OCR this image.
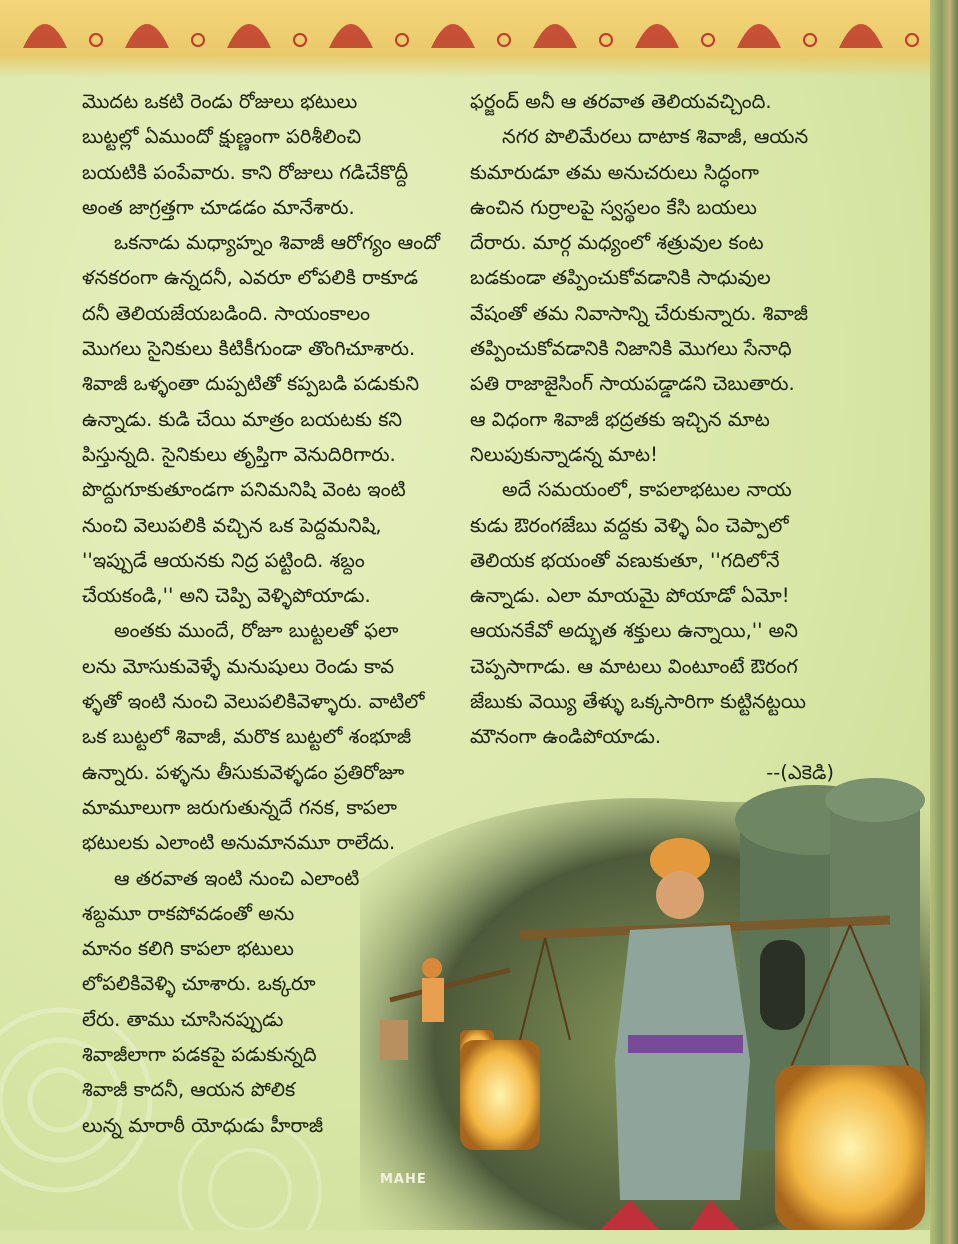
మొదట ఒకటి రెండు రోజులు భటులు
బుట్టల్లో ఏముందో క్షుణ్ణంగా పరిశీలించి
బయటికి పంపేవారు. కాని రోజులు గడిచేకొద్దీ
అంత జాగ్రత్తగా చూడడం మానేశారు.
ఒకనాడు మధ్యాహ్నం శివాజీ ఆరోగ్యం ఆందో
ళనకరంగా ఉన్నదనీ, ఎవరూ లోపలికి రాకూడ
దనీ తెలియజేయబడింది. సాయంకాలం
మొగలు సైనికులు కిటికీగుండా తొంగిచూశారు.
శివాజీ ఒళ్ళంతా దుప్పటితో కప్పబడి పడుకుని
ఉన్నాడు. కుడి చేయి మాత్రం బయటకు కని
పిస్తున్నది. సైనికులు తృప్తిగా వెనుదిరిగారు.
పొద్దుగూకుతూండగా పనిమనిషి వెంట ఇంటి
నుంచి వెలుపలికి వచ్చిన ఒక పెద్దమనిషి,
''ఇప్పుడే ఆయనకు నిద్ర పట్టింది. శబ్దం
చేయకండి,'' అని చెప్పి వెళ్ళిపోయాడు.
అంతకు ముందే, రోజూ బుట్టలతో ఫలా
లను మోసుకువెళ్ళే మనుషులు రెండు కావ
ళ్ళతో ఇంటి నుంచి వెలుపలికివెళ్ళారు. వాటిలో
ఒక బుట్టలో శివాజీ, మరొక బుట్టలో శంభూజీ
ఉన్నారు. పళ్ళను తీసుకువెళ్ళడం ప్రతిరోజూ
మామూలుగా జరుగుతున్నదే గనక, కాపలా
భటులకు ఎలాంటి అనుమానమూ రాలేదు.
ఆ తరవాత ఇంటి నుంచి ఎలాంటి
శబ్దమూ రాకపోవడంతో అను
మానం కలిగి కాపలా భటులు
లోపలికివెళ్ళి చూశారు. ఒక్కరూ
లేరు. తాము చూసినప్పుడు
శివాజీలాగా పడకపై పడుకున్నది
శివాజీ కాదనీ, ఆయన పోలిక
లున్న మారాఠీ యోధుడు హీరాజీ
ఫర్జంద్ అనీ ఆ తరవాత తెలియవచ్చింది.
నగర పొలిమేరలు దాటాక శివాజీ, ఆయన
కుమారుడూ తమ అనుచరులు సిద్ధంగా
ఉంచిన గుర్రాలపై స్వస్థలం కేసి బయలు
దేరారు. మార్గ మధ్యంలో శత్రువుల కంట
బడకుండా తప్పించుకోవడానికి సాధువుల
వేషంతో తమ నివాసాన్ని చేరుకున్నారు. శివాజీ
తప్పించుకోవడానికి నిజానికి మొగలు సేనాధి
పతి రాజాజైసింగ్ సాయపడ్డాడని చెబుతారు.
ఆ విధంగా శివాజీ భద్రతకు ఇచ్చిన మాట
నిలుపుకున్నాడన్న మాట!
అదే సమయంలో, కాపలాభటుల నాయ
కుడు ఔరంగజేబు వద్దకు వెళ్ళి ఏం చెప్పాలో
తెలియక భయంతో వణుకుతూ, ''గదిలోనే
ఉన్నాడు. ఎలా మాయమై పోయాడో ఏమో!
ఆయనకేవో అద్భుత శక్తులు ఉన్నాయి,'' అని
చెప్పసాగాడు. ఆ మాటలు వింటూంటే ఔరంగ
జేబుకు వెయ్యి తేళ్ళు ఒక్కసారిగా కుట్టినట్టయి
మౌనంగా ఉండిపోయాడు.
--(ఎకెడి)
MAHE
